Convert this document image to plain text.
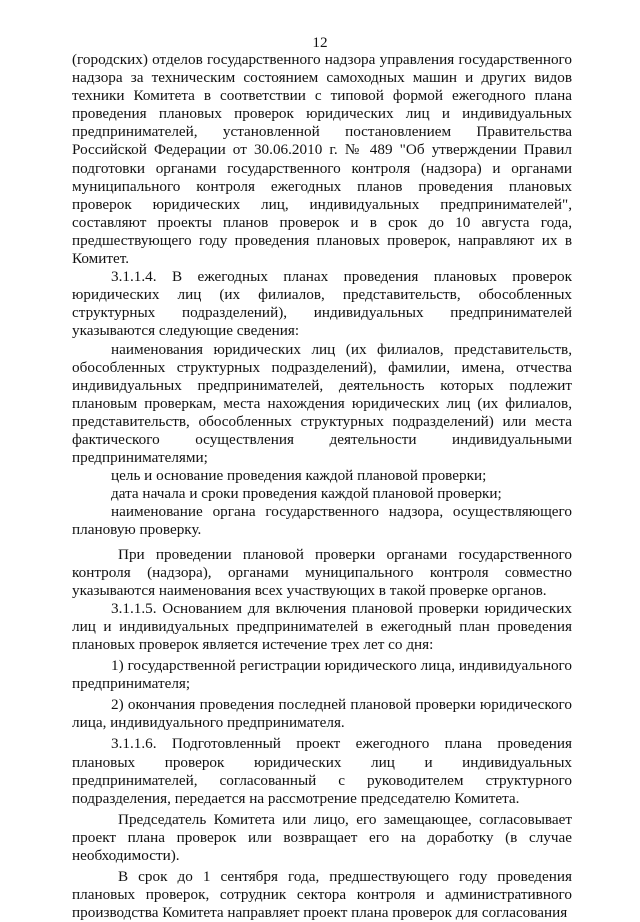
12

(городских) отделов государственного надзора управления государственного надзора за техническим состоянием самоходных машин и других видов техники Комитета в соответствии с типовой формой ежегодного плана проведения плановых проверок юридических лиц и индивидуальных предпринимателей, установленной постановлением Правительства Российской Федерации от 30.06.2010 г. № 489 "Об утверждении Правил подготовки органами государственного контроля (надзора) и органами муниципального контроля ежегодных планов проведения плановых проверок юридических лиц, индивидуальных предпринимателей", составляют проекты планов проверок и в срок до 10 августа года, предшествующего году проведения плановых проверок, направляют их в Комитет.

3.1.1.4. В ежегодных планах проведения плановых проверок юридических лиц (их филиалов, представительств, обособленных структурных подразделений), индивидуальных предпринимателей указываются следующие сведения:

наименования юридических лиц (их филиалов, представительств, обособленных структурных подразделений), фамилии, имена, отчества индивидуальных предпринимателей, деятельность которых подлежит плановым проверкам, места нахождения юридических лиц (их филиалов, представительств, обособленных структурных подразделений) или места фактического осуществления деятельности индивидуальными предпринимателями;

цель и основание проведения каждой плановой проверки;

дата начала и сроки проведения каждой плановой проверки;

наименование органа государственного надзора, осуществляющего плановую проверку.

При проведении плановой проверки органами государственного контроля (надзора), органами муниципального контроля совместно указываются наименования всех участвующих в такой проверке органов.

3.1.1.5. Основанием для включения плановой проверки юридических лиц и индивидуальных предпринимателей в ежегодный план проведения плановых проверок является истечение трех лет со дня:

1) государственной регистрации юридического лица, индивидуального предпринимателя;

2) окончания проведения последней плановой проверки юридического лица, индивидуального предпринимателя.

3.1.1.6. Подготовленный проект ежегодного плана проведения плановых проверок юридических лиц и индивидуальных предпринимателей, согласованный с руководителем структурного подразделения, передается на рассмотрение председателю Комитета.

Председатель Комитета или лицо, его замещающее, согласовывает проект плана проверок или возвращает его на доработку (в случае необходимости).

В срок до 1 сентября года, предшествующего году проведения плановых проверок, сотрудник сектора контроля и административного производства Комитета направляет проект плана проверок для согласования
